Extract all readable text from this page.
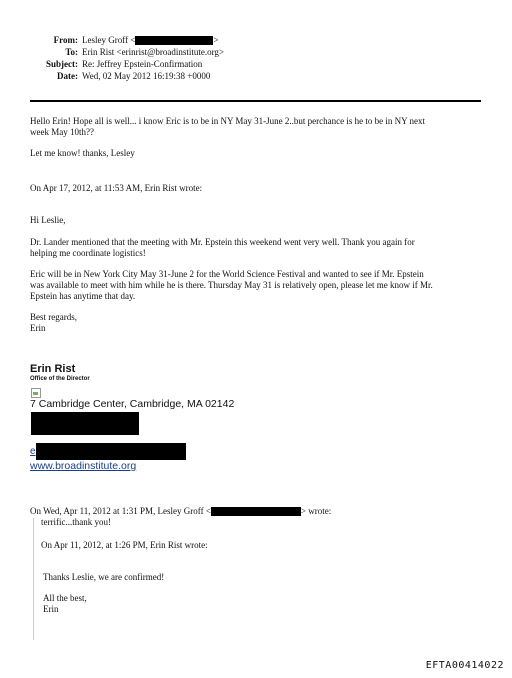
From: Lesley Groff <	>
To: Erin Rist <erinrist@broadinstitute.org>
Subject: Re: Jeffrey Epstein-Confirmation
Date: Wed, 02 May 2012 16:19:38 +0000

Hello Erin! Hope all is well... i know Eric is to be in NY May 31-June 2..but perchance is he to be in NY next

week May 10th??

Let me know! thanks, Lesley

On Apr 17, 2012, at 11:53 AM, Erin Rist wrote:

Hi Leslie,

Dr. Lander mentioned that the meeting with Mr. Epstein this weekend went very well. Thank you again for

helping me coordinate logistics!

Eric will be in New York City May 31-June 2 for the World Science Festival and wanted to see if Mr. Epstein

was available to meet with him while he is there. Thursday May 31 is relatively open, please let me know if Mr.

Epstein has anytime that day.

Best regards,

Erin

Erin Rist
Office of the Director
7 Cambridge Center, Cambridge, MA 02142
e
www.broadinstitute.org
On Wed, Apr 11, 2012 at 1:31 PM, Lesley Groff <	> wrote:
terrific...thank you!
On Apr 11, 2012, at 1:26 PM, Erin Rist wrote:

Thanks Leslie, we are confirmed!

All the best,

Erin

EFTA00414022
